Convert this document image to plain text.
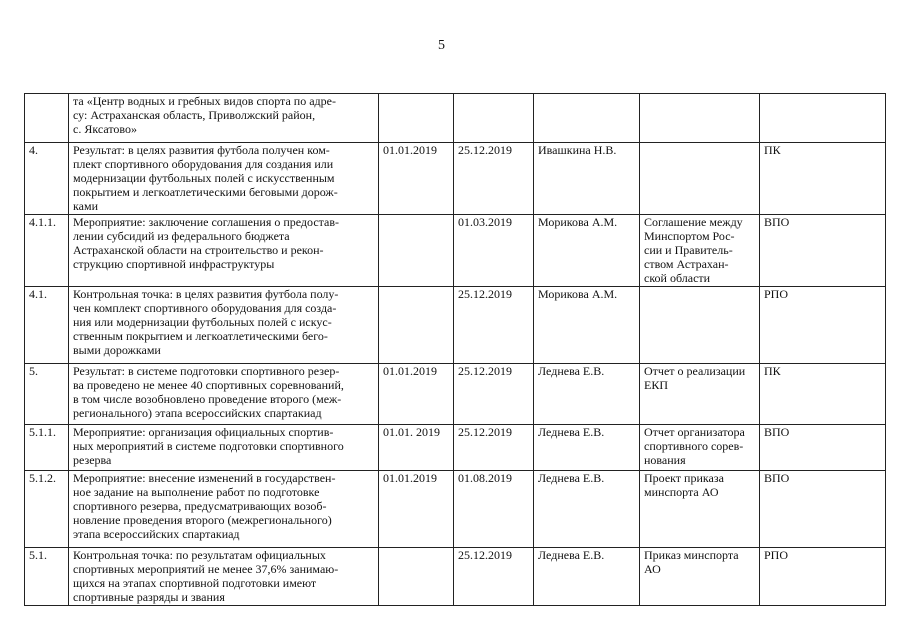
5

	та «Центр водных и гребных видов спорта по адре-
су: Астраханская область, Приволжский район,
с. Яксатово»					

4.	Результат: в целях развития футбола получен ком-
плект спортивного оборудования для создания или
модернизации футбольных полей с искусственным
покрытием и легкоатлетическими беговыми дорож-
ками	01.01.2019	25.12.2019	Ивашкина Н.В.		ПК
4.1.1.	Мероприятие: заключение соглашения о предостав-
лении субсидий из федерального бюджета
Астраханской области на строительство и рекон-
струкцию спортивной инфраструктуры		01.03.2019	Морикова А.М.	Соглашение между
Минспортом Рос-
сии и Правитель-
ством Астрахан-
ской области	ВПО
4.1.	Контрольная точка: в целях развития футбола полу-
чен комплект спортивного оборудования для созда-
ния или модернизации футбольных полей с искус-
ственным покрытием и легкоатлетическими бего-
выми дорожками		25.12.2019	Морикова А.М.		РПО
5.	Результат: в системе подготовки спортивного резер-
ва проведено не менее 40 спортивных соревнований,
в том числе возобновлено проведение второго (меж-
регионального) этапа всероссийских спартакиад	01.01.2019	25.12.2019	Леднева Е.В.	Отчет о реализации
ЕКП	ПК
5.1.1.	Мероприятие: организация официальных спортив-
ных мероприятий в системе подготовки спортивного
резерва	01.01. 2019	25.12.2019	Леднева Е.В.	Отчет организатора
спортивного сорев-
нования	ВПО
5.1.2.	Мероприятие: внесение изменений в государствен-
ное задание на выполнение работ по подготовке
спортивного резерва, предусматривающих возоб-
новление проведения второго (межрегионального)
этапа всероссийских спартакиад	01.01.2019	01.08.2019	Леднева Е.В.	Проект приказа
минспорта АО	ВПО
5.1.	Контрольная точка: по результатам официальных
спортивных мероприятий не менее 37,6% занимаю-
щихся на этапах спортивной подготовки имеют
спортивные разряды и звания		25.12.2019	Леднева Е.В.	Приказ минспорта
АО	РПО
